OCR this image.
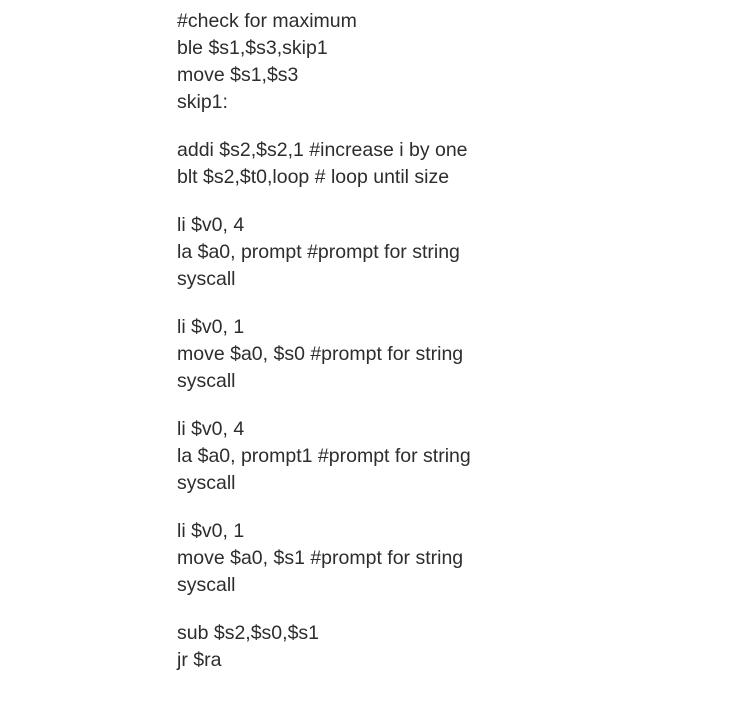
#check for maximum
ble $s1,$s3,skip1
move $s1,$s3
skip1:
addi $s2,$s2,1 #increase i by one
blt $s2,$t0,loop # loop until size
li $v0, 4
la $a0, prompt #prompt for string
syscall
li $v0, 1
move $a0, $s0 #prompt for string
syscall
li $v0, 4
la $a0, prompt1 #prompt for string
syscall
li $v0, 1
move $a0, $s1 #prompt for string
syscall
sub $s2,$s0,$s1
jr $ra
